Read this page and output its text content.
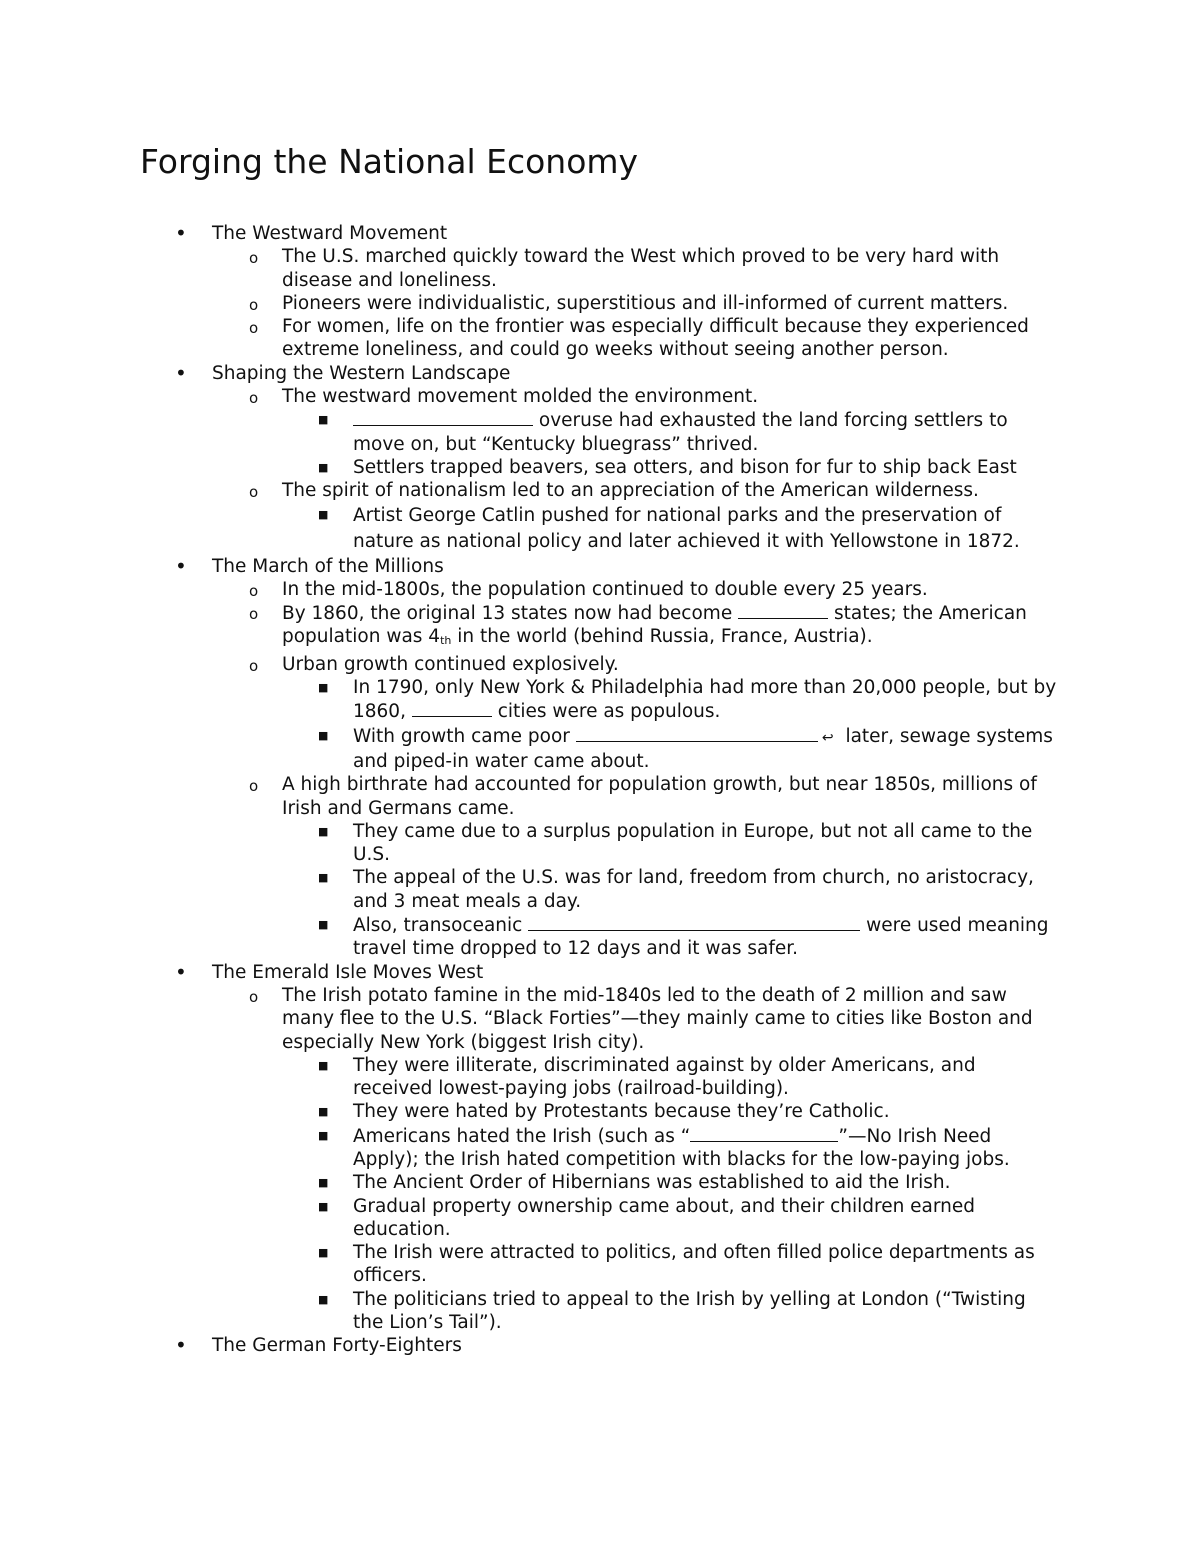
Forging the National Economy
• The Westward Movement
o The U.S. marched quickly toward the West which proved to be very hard with disease and loneliness.
o Pioneers were individualistic, superstitious and ill-informed of current matters.
o For women, life on the frontier was especially difficult because they experienced extreme loneliness, and could go weeks without seeing another person.
• Shaping the Western Landscape
o The westward movement molded the environment.
■	overuse had exhausted the land forcing settlers to move on, but “Kentucky bluegrass” thrived.
■ Settlers trapped beavers, sea otters, and bison for fur to ship back East
o The spirit of nationalism led to an appreciation of the American wilderness.
■ Artist George Catlin pushed for national parks and the preservation of nature as national policy and later achieved it with Yellowstone in 1872.
• The March of the Millions
o In the mid-1800s, the population continued to double every 25 years.
o By 1860, the original 13 states now had become	states; the American population was 4th in the world (behind Russia, France, Austria).
o Urban growth continued explosively.
■ In 1790, only New York & Philadelphia had more than 20,000 people, but by 1860,	cities were as populous.
■ With growth came poor	↩ later, sewage systems and piped-in water came about.
o A high birthrate had accounted for population growth, but near 1850s, millions of Irish and Germans came.
■ They came due to a surplus population in Europe, but not all came to the U.S.
■ The appeal of the U.S. was for land, freedom from church, no aristocracy, and 3 meat meals a day.
■ Also, transoceanic	were used meaning travel time dropped to 12 days and it was safer.
• The Emerald Isle Moves West
o The Irish potato famine in the mid-1840s led to the death of 2 million and saw many flee to the U.S. “Black Forties”—they mainly came to cities like Boston and especially New York (biggest Irish city).
■ They were illiterate, discriminated against by older Americans, and received lowest-paying jobs (railroad-building).
■ They were hated by Protestants because they’re Catholic.
■ Americans hated the Irish (such as “	”—No Irish Need Apply); the Irish hated competition with blacks for the low-paying jobs.
■ The Ancient Order of Hibernians was established to aid the Irish.
■ Gradual property ownership came about, and their children earned education.
■ The Irish were attracted to politics, and often filled police departments as officers.
■ The politicians tried to appeal to the Irish by yelling at London (“Twisting the Lion’s Tail”).
• The German Forty-Eighters
